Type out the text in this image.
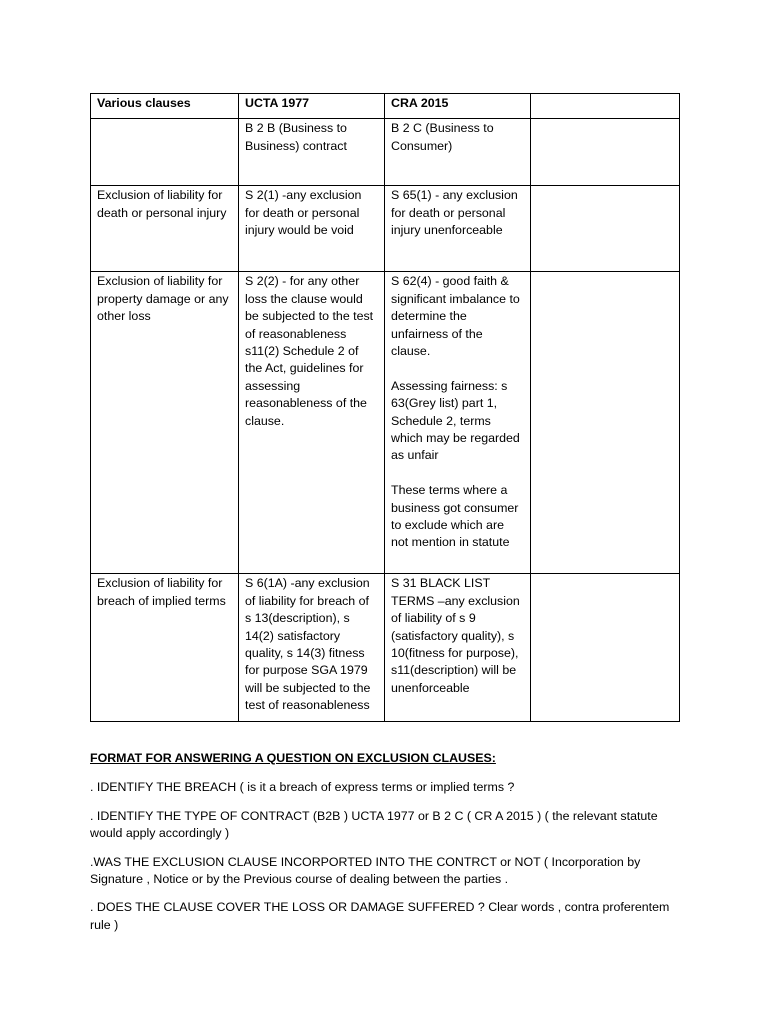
Various clauses	UCTA 1977	CRA 2015	
	B 2 B (Business to Business) contract	B 2 C (Business to Consumer)	

Exclusion of liability for death or personal injury	S 2(1) -any exclusion for death or personal injury would be void	S 65(1) - any exclusion for death or personal injury unenforceable	

Exclusion of liability for property damage or any other loss	S 2(2) - for any other loss the clause would be subjected to the test of reasonableness s11(2) Schedule 2 of the Act, guidelines for assessing reasonableness of the clause.	S 62(4) - good faith & significant imbalance to determine the unfairness of the clause.
Assessing fairness: s 63(Grey list) part 1, Schedule 2, terms which may be regarded as unfair
These terms where a business got consumer to exclude which are not mention in statute	

Exclusion of liability for breach of implied terms	S 6(1A) -any exclusion of liability for breach of s 13(description), s 14(2) satisfactory quality, s 14(3) fitness for purpose SGA 1979 will be subjected to the test of reasonableness	S 31 BLACK LIST TERMS –any exclusion of liability of s 9 (satisfactory quality), s 10(fitness for purpose), s11(description) will be unenforceable	

FORMAT FOR ANSWERING A QUESTION ON EXCLUSION CLAUSES:

. IDENTIFY THE BREACH ( is it a breach of express terms or implied terms ?

. IDENTIFY THE TYPE OF CONTRACT (B2B ) UCTA 1977 or B 2 C ( CR A 2015 ) ( the relevant statute would apply accordingly )

.WAS THE EXCLUSION CLAUSE INCORPORTED INTO THE CONTRCT or NOT ( Incorporation by Signature , Notice or by the Previous course of dealing between the parties .

. DOES THE CLAUSE COVER THE LOSS OR DAMAGE SUFFERED ? Clear words , contra proferentem rule )
